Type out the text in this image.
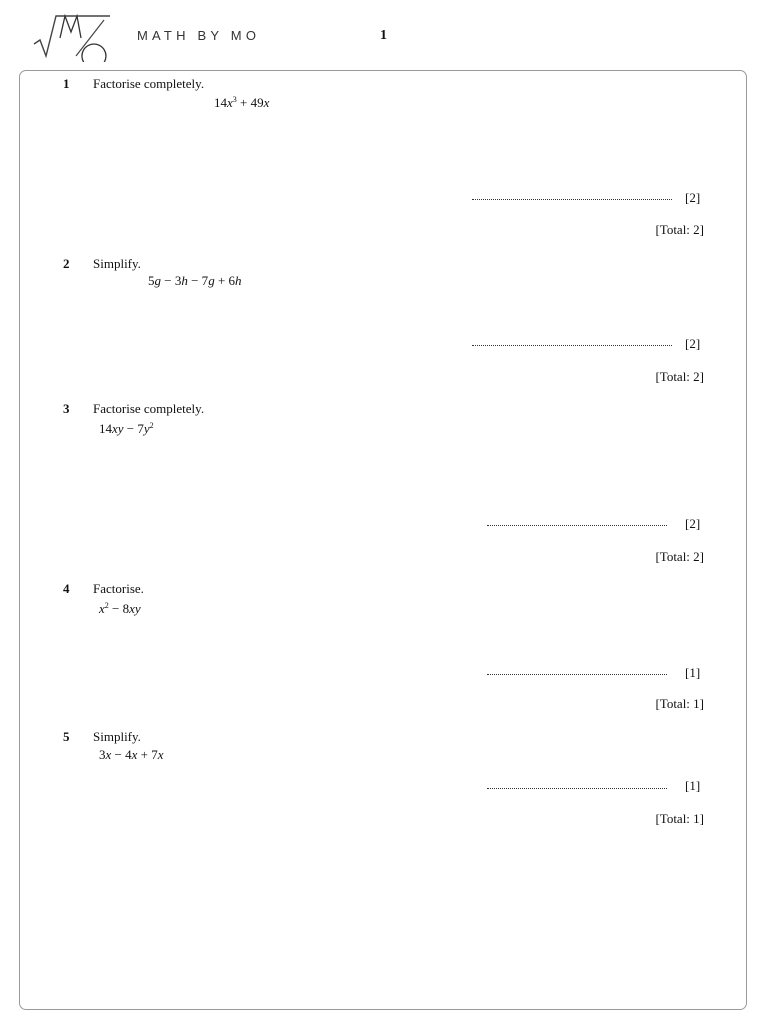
MATH BY MO	1
1 Factorise completely.
$14x^3 + 49x$
[2]
[Total: 2]
2 Simplify.
5g − 3h − 7g + 6h
[2]
[Total: 2]
3 Factorise completely.
$14xy - 7y^2$
[2]
[Total: 2]
4 Factorise.
$x^2 - 8xy$
[1]
[Total: 1]
5 Simplify.
3x − 4x + 7x
[1]
[Total: 1]
